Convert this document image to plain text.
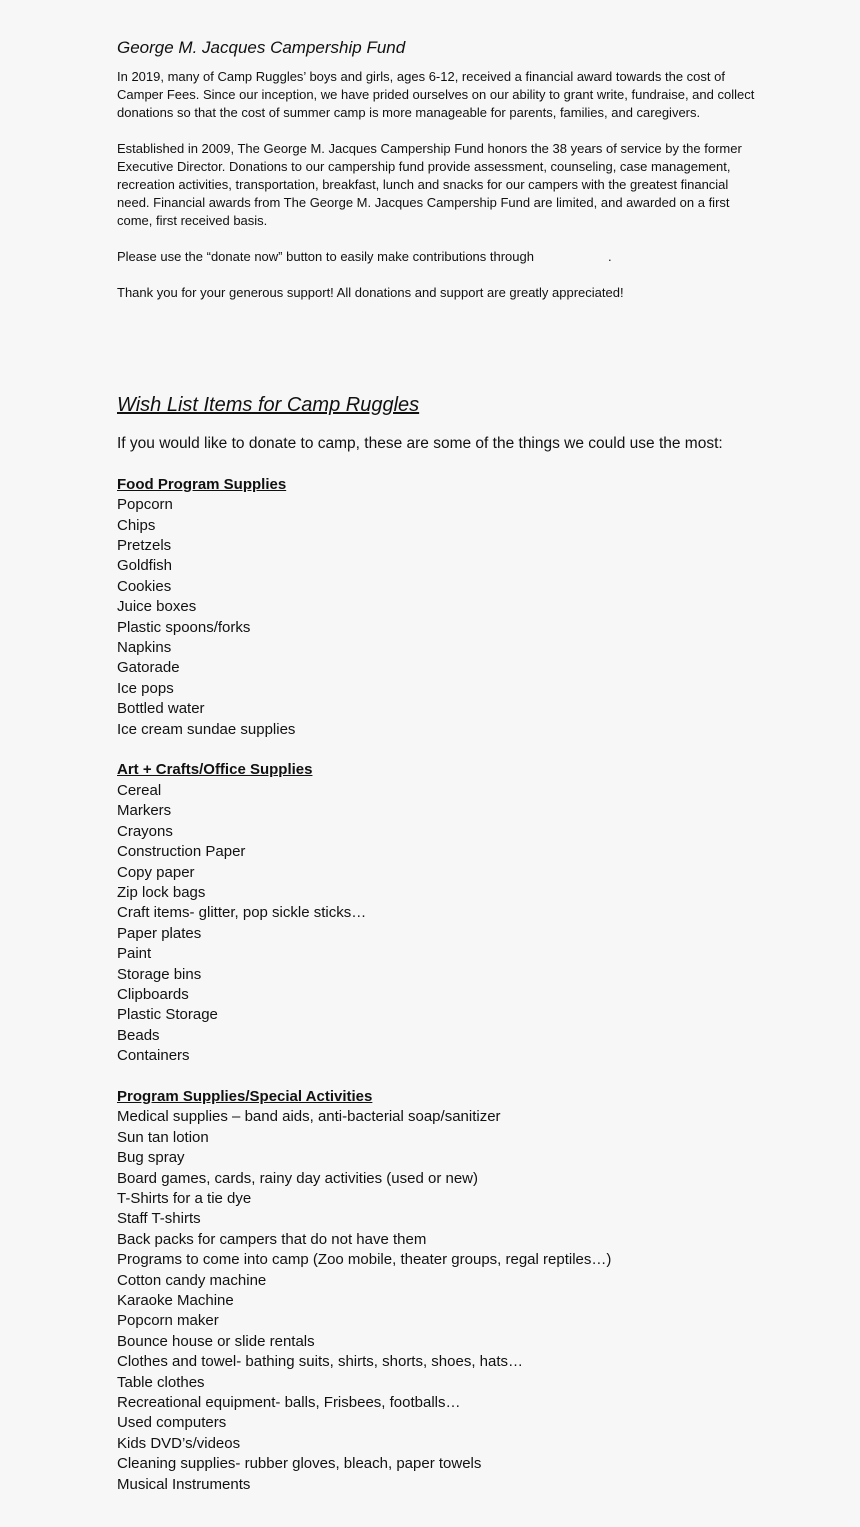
George M. Jacques Campership Fund

In 2019, many of Camp Ruggles’ boys and girls, ages 6-12, received a financial award towards the cost of Camper Fees. Since our inception, we have prided ourselves on our ability to grant write, fundraise, and collect donations so that the cost of summer camp is more manageable for parents, families, and caregivers.

Established in 2009, The George M. Jacques Campership Fund honors the 38 years of service by the former Executive Director. Donations to our campership fund provide assessment, counseling, case management, recreation activities, transportation, breakfast, lunch and snacks for our campers with the greatest financial need. Financial awards from The George M. Jacques Campership Fund are limited, and awarded on a first come, first received basis.

Please use the “donate now” button to easily make contributions through	.

Thank you for your generous support! All donations and support are greatly appreciated!

Wish List Items for Camp Ruggles

If you would like to donate to camp, these are some of the things we could use the most:

Food Program Supplies
Popcorn
Chips
Pretzels
Goldfish
Cookies
Juice boxes
Plastic spoons/forks
Napkins
Gatorade
Ice pops
Bottled water
Ice cream sundae supplies
Art + Crafts/Office Supplies
Cereal
Markers
Crayons
Construction Paper
Copy paper
Zip lock bags
Craft items- glitter, pop sickle sticks…
Paper plates
Paint
Storage bins
Clipboards
Plastic Storage
Beads
Containers
Program Supplies/Special Activities
Medical supplies – band aids, anti-bacterial soap/sanitizer
Sun tan lotion
Bug spray
Board games, cards, rainy day activities (used or new)
T-Shirts for a tie dye
Staff T-shirts
Back packs for campers that do not have them
Programs to come into camp (Zoo mobile, theater groups, regal reptiles…)
Cotton candy machine
Karaoke Machine
Popcorn maker
Bounce house or slide rentals
Clothes and towel- bathing suits, shirts, shorts, shoes, hats…
Table clothes
Recreational equipment- balls, Frisbees, footballs…
Used computers
Kids DVD’s/videos
Cleaning supplies- rubber gloves, bleach, paper towels
Musical Instruments
